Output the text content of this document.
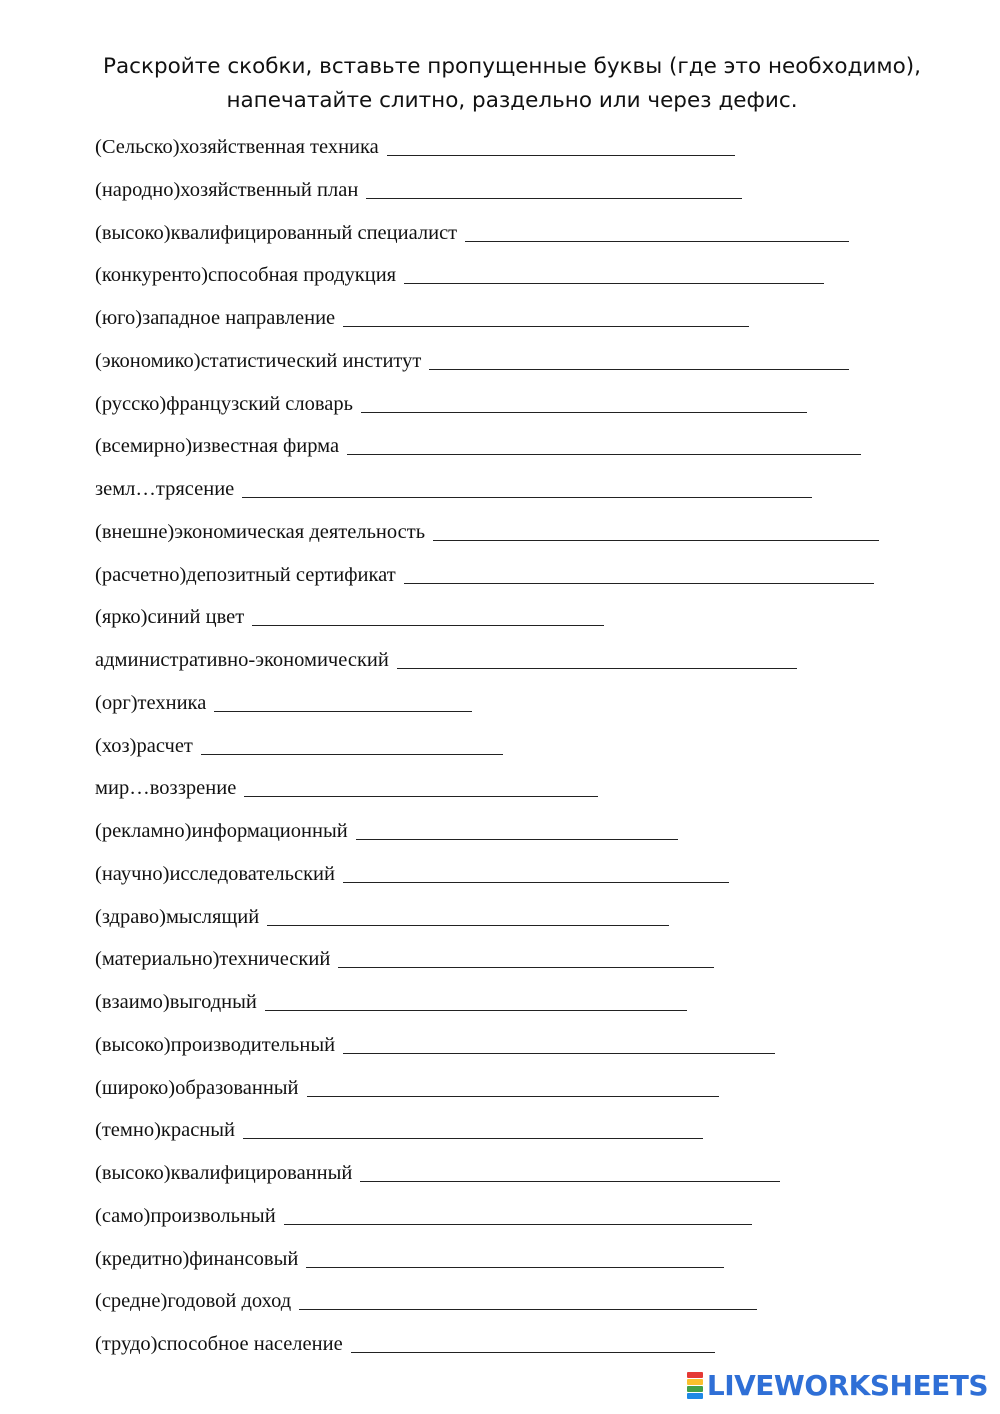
Раскройте скобки, вставьте пропущенные буквы (где это необходимо),
напечатайте слитно, раздельно или через дефис.
(Сельско)хозяйственная техника
(народно)хозяйственный план
(высоко)квалифицированный специалист
(конкуренто)способная продукция
(юго)западное направление
(экономико)статистический институт
(русско)французский словарь
(всемирно)известная фирма
земл…трясение
(внешне)экономическая деятельность
(расчетно)депозитный сертификат
(ярко)синий цвет
административно-экономический
(орг)техника
(хоз)расчет
мир…воззрение
(рекламно)информационный
(научно)исследовательский
(здраво)мыслящий
(материально)технический
(взаимо)выгодный
(высоко)производительный
(широко)образованный
(темно)красный
(высоко)квалифицированный
(само)произвольный
(кредитно)финансовый
(средне)годовой доход
(трудо)способное население
LIVEWORKSHEETS
